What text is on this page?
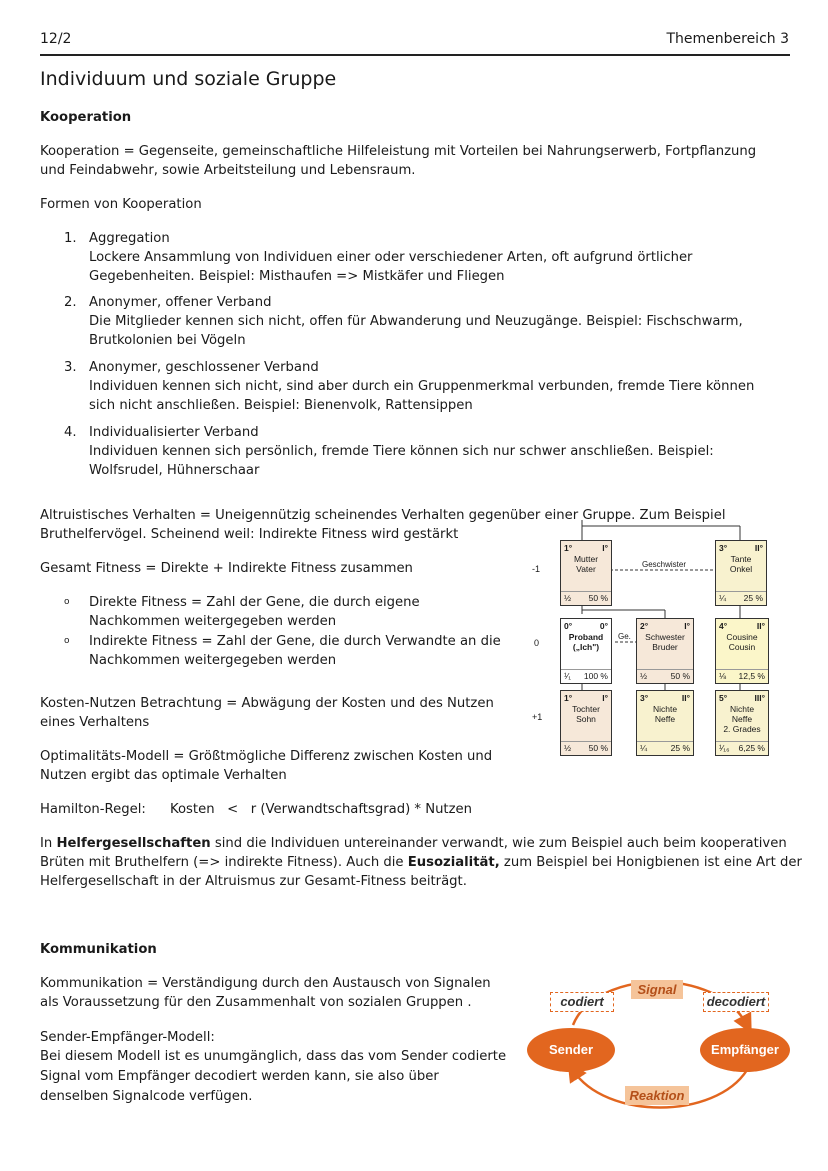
12/2	Themenbereich 3
Individuum und soziale Gruppe
Kooperation
Kooperation = Gegenseite, gemeinschaftliche Hilfeleistung mit Vorteilen bei Nahrungserwerb, Fortpflanzung
und Feindabwehr, sowie Arbeitsteilung und Lebensraum.
Formen von Kooperation
1. Aggregation
Lockere Ansammlung von Individuen einer oder verschiedener Arten, oft aufgrund örtlicher
Gegebenheiten. Beispiel: Misthaufen => Mistkäfer und Fliegen
2. Anonymer, offener Verband
Die Mitglieder kennen sich nicht, offen für Abwanderung und Neuzugänge. Beispiel: Fischschwarm,
Brutkolonien bei Vögeln
3. Anonymer, geschlossener Verband
Individuen kennen sich nicht, sind aber durch ein Gruppenmerkmal verbunden, fremde Tiere können
sich nicht anschließen. Beispiel: Bienenvolk, Rattensippen
4. Individualisierter Verband
Individuen kennen sich persönlich, fremde Tiere können sich nur schwer anschließen. Beispiel:
Wolfsrudel, Hühnerschaar
Altruistisches Verhalten = Uneigennützig scheinendes Verhalten gegenüber einer Gruppe. Zum Beispiel
Bruthelfervögel. Scheinend weil: Indirekte Fitness wird gestärkt
Gesamt Fitness = Direkte + Indirekte Fitness zusammen
o Direkte Fitness = Zahl der Gene, die durch eigene
Nachkommen weitergegeben werden
o Indirekte Fitness = Zahl der Gene, die durch Verwandte an die
Nachkommen weitergegeben werden
Kosten-Nutzen Betrachtung = Abwägung der Kosten und des Nutzen
eines Verhaltens
Optimalitäts-Modell = Größtmögliche Differenz zwischen Kosten und
Nutzen ergibt das optimale Verhalten
Hamilton-Regel: Kosten   <   r (Verwandtschaftsgrad) * Nutzen
In Helfergesellschaften sind die Individuen untereinander verwandt, wie zum Beispiel auch beim kooperativen
Brüten mit Bruthelfern (=> indirekte Fitness). Auch die Eusozialität, zum Beispiel bei Honigbienen ist eine Art der
Helfergesellschaft in der Altruismus zur Gesamt-Fitness beiträgt.
-1
0
+1
Geschwister
Ge.
1°	I°
Mutter
Vater
½ 50 %
3°	II°
Tante
Onkel
¼ 25 %
0°	0°
Proband
(„Ich")
¹⁄₁ 100 %
2°	I°
Schwester
Bruder
½	50 %
4°	II°
Cousine
Cousin
⅛ 12,5 %
1°	I°
Tochter
Sohn
½ 50 %
3°	II°
Nichte
Neffe
¼	25 %
5°	III°
Nichte
Neffe
2. Grades
¹⁄₁₆ 6,25 %
Kommunikation
Kommunikation = Verständigung durch den Austausch von Signalen
als Voraussetzung für den Zusammenhalt von sozialen Gruppen .
Sender-Empfänger-Modell:
Bei diesem Modell ist es unumgänglich, dass das vom Sender codierte
Signal vom Empfänger decodiert werden kann, sie also über
denselben Signalcode verfügen.
Signal
codiert	decodiert
Sender	Empfänger
Reaktion
